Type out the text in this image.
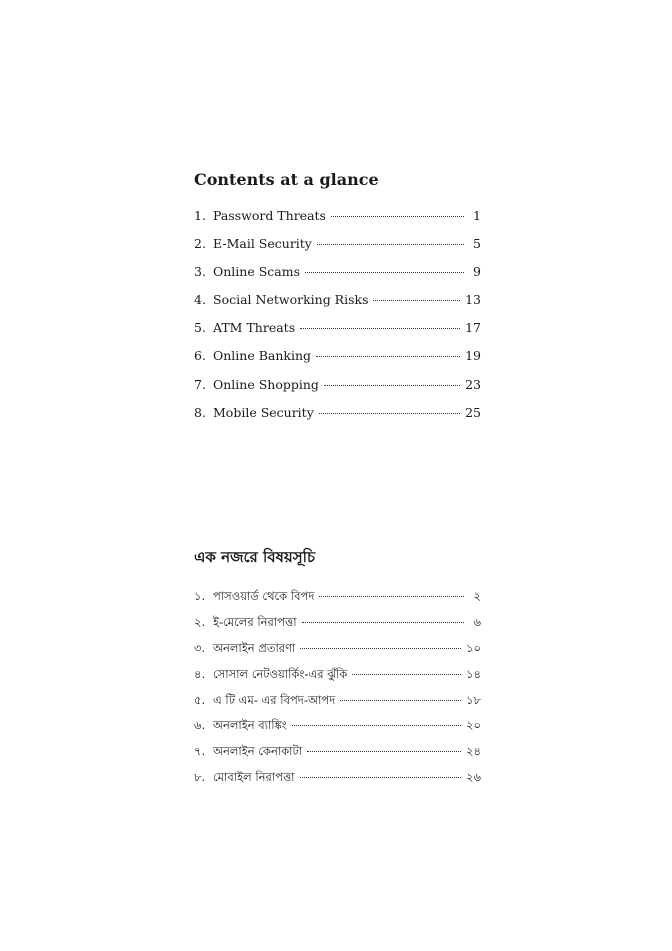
Contents at a glance
1. Password Threats	1
2. E-Mail Security	5
3. Online Scams	9
4. Social Networking Risks	13
5. ATM Threats	17
6. Online Banking	19
7. Online Shopping	23
8. Mobile Security	25
এক নজরে বিষয়সূচি
১. পাসওয়ার্ড থেকে বিপদ	২
২. ই-মেলের নিরাপত্তা	৬
৩. অনলাইন প্রতারণা	১০
৪. সোসাল নেটওয়ার্কিং-এর ঝুঁকি	১৪
৫. এ টি এম- এর বিপদ-আপদ	১৮
৬. অনলাইন ব্যাঙ্কিং	২০
৭. অনলাইন কেনাকাটা	২৪
৮. মোবাইল নিরাপত্তা	২৬
